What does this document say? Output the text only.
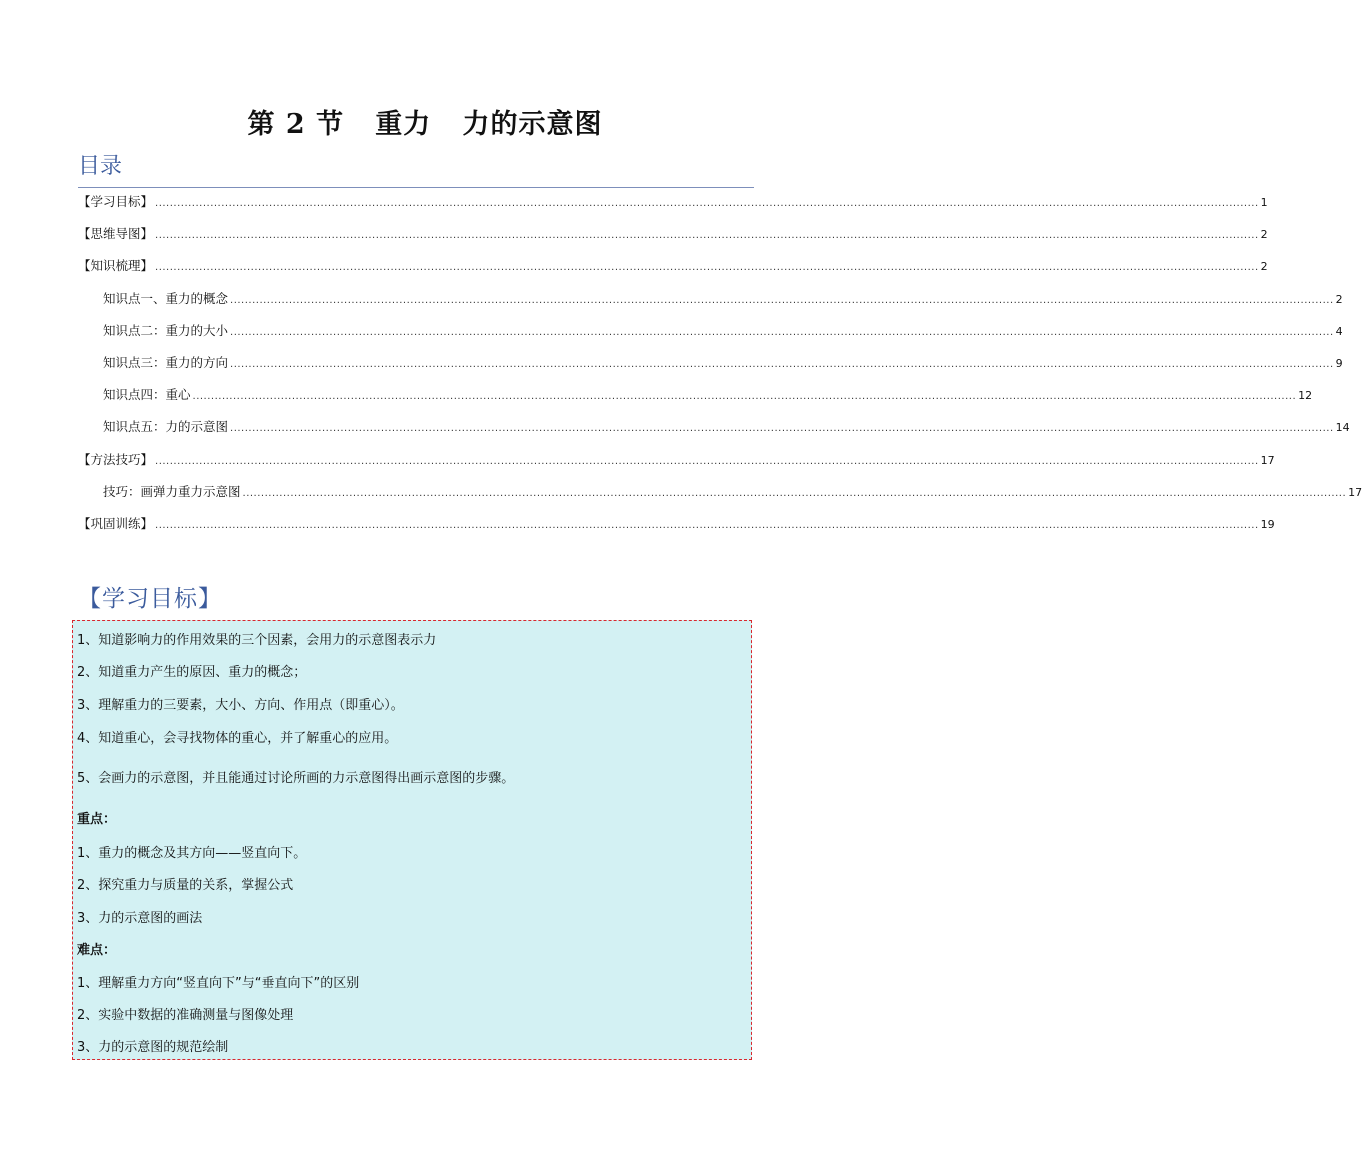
第 2 节   重力   力的示意图
目录
【学习目标】 ............................................................................................................................................................................................................................................................................................................ 1
【思维导图】 ............................................................................................................................................................................................................................................................................................................ 2
【知识梳理】 ............................................................................................................................................................................................................................................................................................................ 2
知识点一、重力的概念 ............................................................................................................................................................................................................................................................................................................ 2
知识点二：重力的大小 ............................................................................................................................................................................................................................................................................................................ 4
知识点三：重力的方向 ............................................................................................................................................................................................................................................................................................................ 9
知识点四：重心 ............................................................................................................................................................................................................................................................................................................ 12
知识点五：力的示意图 ............................................................................................................................................................................................................................................................................................................ 14
【方法技巧】 ............................................................................................................................................................................................................................................................................................................ 17
技巧：画弹力重力示意图 ............................................................................................................................................................................................................................................................................................................ 17
【巩固训练】 ............................................................................................................................................................................................................................................................................................................ 19
【学习目标】
1、知道影响力的作用效果的三个因素，会用力的示意图表示力
2、知道重力产生的原因、重力的概念；
3、理解重力的三要素，大小、方向、作用点（即重心）。
4、知道重心，会寻找物体的重心，并了解重心的应用。
5、会画力的示意图，并且能通过讨论所画的力示意图得出画示意图的步骤。
重点：
1、重力的概念及其方向——竖直向下。
2、探究重力与质量的关系，掌握公式
3、力的示意图的画法
难点：
1、理解重力方向“竖直向下”与“垂直向下”的区别
2、实验中数据的准确测量与图像处理
3、力的示意图的规范绘制
